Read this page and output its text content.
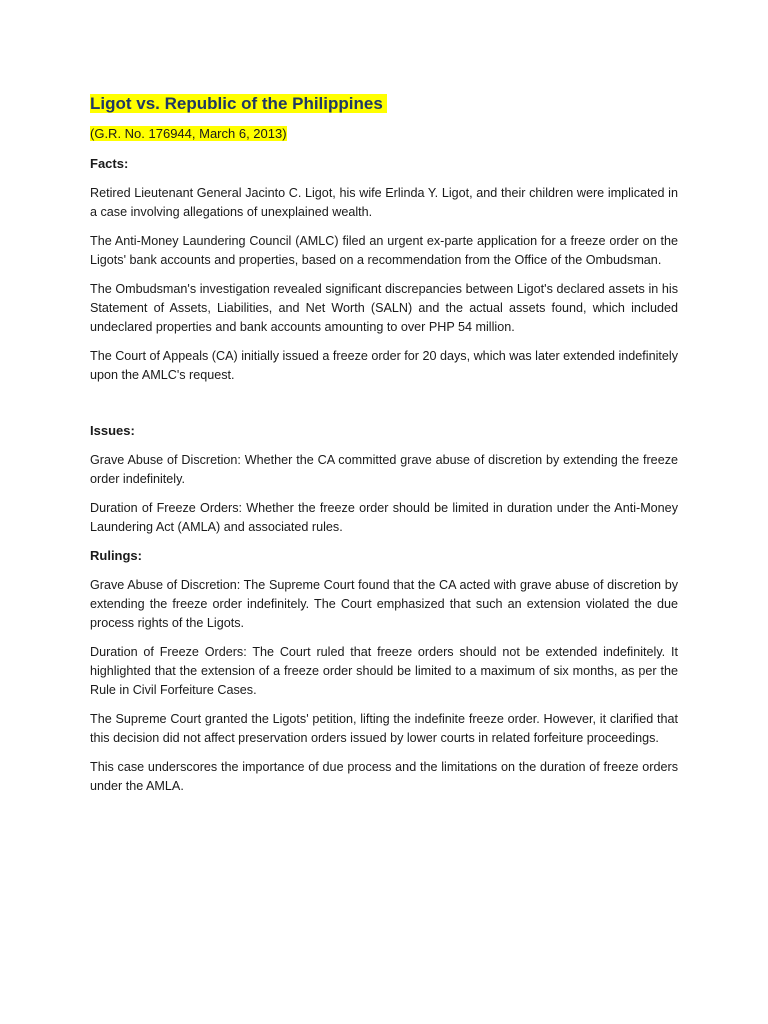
Ligot vs. Republic of the Philippines
(G.R. No. 176944, March 6, 2013)
Facts:

Retired Lieutenant General Jacinto C. Ligot, his wife Erlinda Y. Ligot, and their children were implicated in a case involving allegations of unexplained wealth.

The Anti-Money Laundering Council (AMLC) filed an urgent ex-parte application for a freeze order on the Ligots' bank accounts and properties, based on a recommendation from the Office of the Ombudsman.

The Ombudsman's investigation revealed significant discrepancies between Ligot's declared assets in his Statement of Assets, Liabilities, and Net Worth (SALN) and the actual assets found, which included undeclared properties and bank accounts amounting to over PHP 54 million.

The Court of Appeals (CA) initially issued a freeze order for 20 days, which was later extended indefinitely upon the AMLC's request.

Issues:

Grave Abuse of Discretion: Whether the CA committed grave abuse of discretion by extending the freeze order indefinitely.

Duration of Freeze Orders: Whether the freeze order should be limited in duration under the Anti-Money Laundering Act (AMLA) and associated rules.

Rulings:

Grave Abuse of Discretion: The Supreme Court found that the CA acted with grave abuse of discretion by extending the freeze order indefinitely. The Court emphasized that such an extension violated the due process rights of the Ligots.

Duration of Freeze Orders: The Court ruled that freeze orders should not be extended indefinitely. It highlighted that the extension of a freeze order should be limited to a maximum of six months, as per the Rule in Civil Forfeiture Cases.

The Supreme Court granted the Ligots' petition, lifting the indefinite freeze order. However, it clarified that this decision did not affect preservation orders issued by lower courts in related forfeiture proceedings.

This case underscores the importance of due process and the limitations on the duration of freeze orders under the AMLA.
